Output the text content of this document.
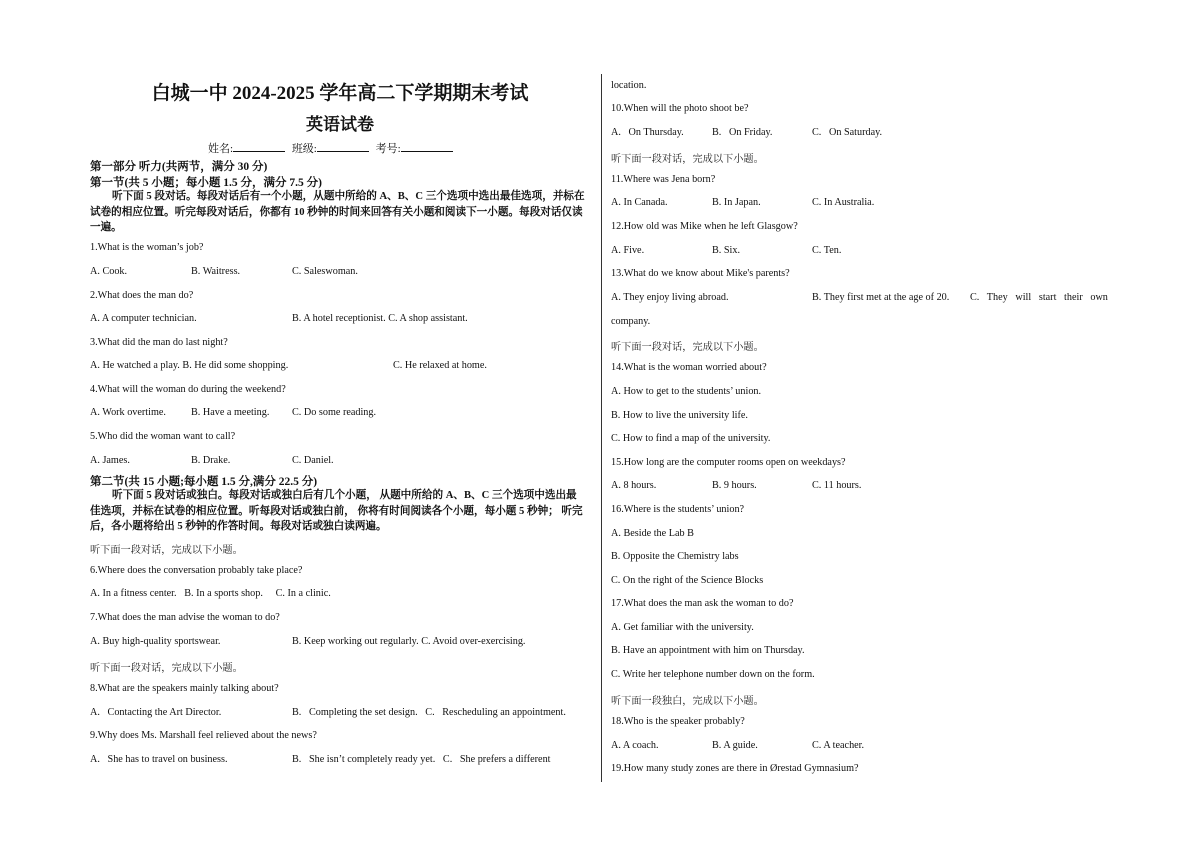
白城一中 2024-2025 学年高二下学期期末考试
英语试卷
姓名:	班级:	考号:
第一部分 听力(共两节，满分 30 分)
第一节(共 5 小题；每小题 1.5 分，满分 7.5 分)
听下面 5 段对话。每段对话后有一个小题，从题中所给的 A、B、C 三个选项中选出最佳选项，并标在试卷的相应位置。听完每段对话后，你都有 10 秒钟的时间来回答有关小题和阅读下一小题。每段对话仅读一遍。
1.What is the woman’s job?
A. Cook.	B. Waitress.	C. Saleswoman.
2.What does the man do?
A. A computer technician.	B. A hotel receptionist. C. A shop assistant.
3.What did the man do last night?
A. He watched a play. B. He did some shopping.	C. He relaxed at home.
4.What will the woman do during the weekend?
A. Work overtime. B. Have a meeting. C. Do some reading.
5.Who did the woman want to call?
A. James.	B. Drake.	C. Daniel.
第二节(共 15 小题;每小题 1.5 分,满分 22.5 分)
听下面 5 段对话或独白。每段对话或独白后有几个小题， 从题中所给的 A、B、C 三个选项中选出最佳选项，并标在试卷的相应位置。听每段对话或独白前， 你将有时间阅读各个小题，每小题 5 秒钟； 听完后，各小题将给出 5 秒钟的作答时间。每段对话或独白读两遍。
听下面一段对话，完成以下小题。
6.Where does the conversation probably take place?
A. In a fitness center.   B. In a sports shop.     C. In a clinic.
7.What does the man advise the woman to do?
A. Buy high-quality sportswear.	B. Keep working out regularly. C. Avoid over-exercising.
听下面一段对话，完成以下小题。
8.What are the speakers mainly talking about?
A.   Contacting the Art Director.	B.   Completing the set design.   C.   Rescheduling an appointment.
9.Why does Ms. Marshall feel relieved about the news?
A.   She has to travel on business.	B.   She isn’t completely ready yet.   C.   She prefers a different
location.
10.When will the photo shoot be?
A.   On Thursday.	B.   On Friday.	C.   On Saturday.
听下面一段对话，完成以下小题。
11.Where was Jena born?
A. In Canada.	B. In Japan.	C. In Australia.
12.How old was Mike when he left Glasgow?
A. Five.	B. Six.	C. Ten.
13.What do we know about Mike's parents?
A. They enjoy living abroad.	B. They first met at the age of 20. C.   They   will   start   their   own
company.
听下面一段对话，完成以下小题。
14.What is the woman worried about?
A. How to get to the students’ union.
B. How to live the university life.
C. How to find a map of the university.
15.How long are the computer rooms open on weekdays?
A. 8 hours.	B. 9 hours.	C. 11 hours.
16.Where is the students’ union?
A. Beside the Lab B
B. Opposite the Chemistry labs
C. On the right of the Science Blocks
17.What does the man ask the woman to do?
A. Get familiar with the university.
B. Have an appointment with him on Thursday.
C. Write her telephone number down on the form.
听下面一段独白，完成以下小题。
18.Who is the speaker probably?
A. A coach.	B. A guide.	C. A teacher.
19.How many study zones are there in Ørestad Gymnasium?
